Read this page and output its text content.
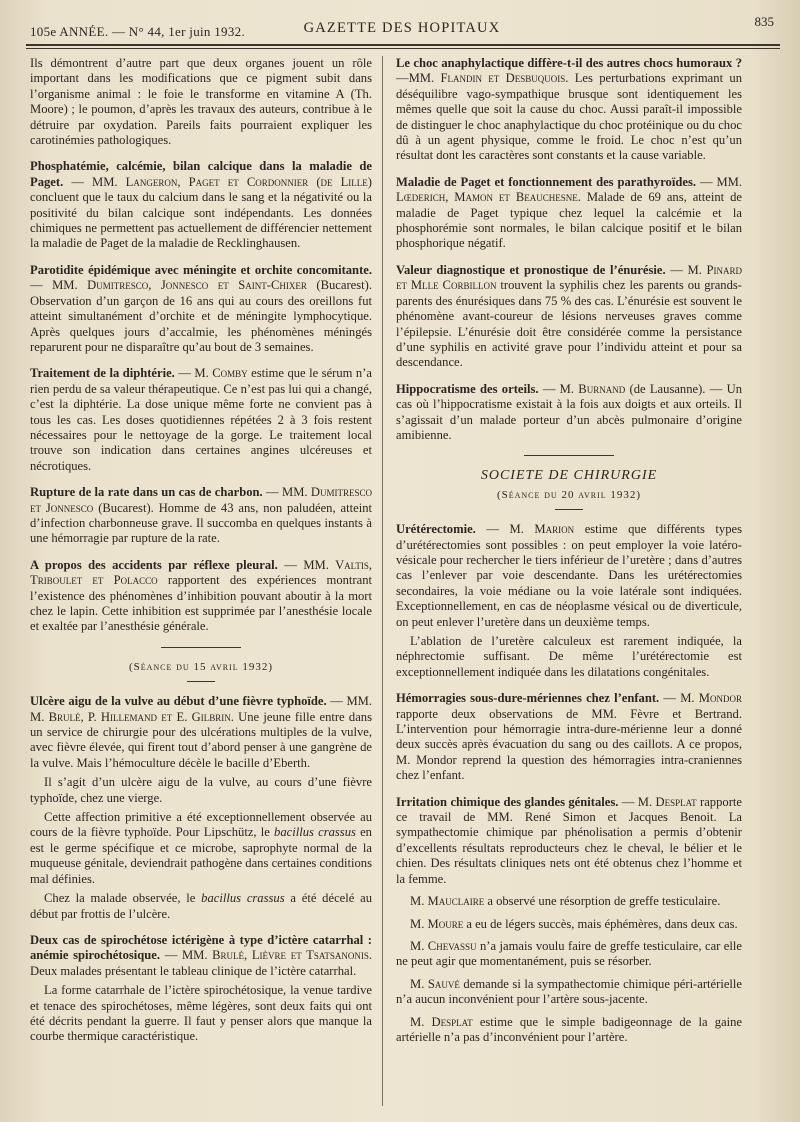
105e ANNÉE. — N° 44, 1er juin 1932.	GAZETTE DES HOPITAUX	835

Ils démontrent d’autre part que deux organes jouent un rôle important dans les modifications que ce pigment subit dans l’organisme animal : le foie le transforme en vitamine A (Th. Moore) ; le poumon, d’après les travaux des auteurs, contribue à le détruire par oxydation. Pareils faits pourraient expliquer les carotinémies pathologiques.

Phosphatémie, calcémie, bilan calcique dans la maladie de Paget. — MM. Langeron, Paget et Cordonnier (de Lille) concluent que le taux du calcium dans le sang et la négativité ou la positivité du bilan calcique sont indépendants. Les données chimiques ne permettent pas actuellement de différencier nettement la maladie de Paget de la maladie de Recklinghausen.

Parotidite épidémique avec méningite et orchite concomitante. — MM. Dumitresco, Jonnesco et Saint-Chixer (Bucarest). Observation d’un garçon de 16 ans qui au cours des oreillons fut atteint simultanément d’orchite et de méningite lymphocytique. Après quelques jours d’accalmie, les phénomènes méningés reparurent pour ne disparaître qu’au bout de 3 semaines.

Traitement de la diphtérie. — M. Comby estime que le sérum n’a rien perdu de sa valeur thérapeutique. Ce n’est pas lui qui a changé, c’est la diphtérie. La dose unique même forte ne convient pas à tous les cas. Les doses quotidiennes répétées 2 à 3 fois restent nécessaires pour le nettoyage de la gorge. Le traitement local trouve son indication dans certaines angines ulcéreuses et nécrotiques.

Rupture de la rate dans un cas de charbon. — MM. Dumitresco et Jonnesco (Bucarest). Homme de 43 ans, non paludéen, atteint d’infection charbonneuse grave. Il succomba en quelques instants à une hémorragie par rupture de la rate.

A propos des accidents par réflexe pleural. — MM. Valtis, Triboulet et Polacco rapportent des expériences montrant l’existence des phénomènes d’inhibition pouvant aboutir à la mort chez le lapin. Cette inhibition est supprimée par l’anesthésie locale et exaltée par l’anesthésie générale.

(Séance du 15 avril 1932)

Ulcère aigu de la vulve au début d’une fièvre typhoïde. — MM. M. Brulé, P. Hillemand et E. Gilbrin. Une jeune fille entre dans un service de chirurgie pour des ulcérations multiples de la vulve, avec fièvre élevée, qui firent tout d’abord penser à une gangrène de la vulve. Mais l’hémoculture décèle le bacille d’Eberth.

Il s’agit d’un ulcère aigu de la vulve, au cours d’une fièvre typhoïde, chez une vierge.

Cette affection primitive a été exceptionnellement observée au cours de la fièvre typhoïde. Pour Lipschütz, le bacillus crassus en est le germe spécifique et ce microbe, saprophyte normal de la muqueuse génitale, deviendrait pathogène dans certaines conditions mal définies.

Chez la malade observée, le bacillus crassus a été décelé au début par frottis de l’ulcère.

Deux cas de spirochétose ictérigène à type d’ictère catarrhal : anémie spirochétosique. — MM. Brulé, Lièvre et Tsatsanonis. Deux malades présentant le tableau clinique de l’ictère catarrhal.

La forme catarrhale de l’ictère spirochétosique, la venue tardive et tenace des spirochétoses, même légères, sont deux faits qui ont été décrits pendant la guerre. Il faut y penser alors que manque la courbe thermique caractéristique.

Le choc anaphylactique diffère-t-il des autres chocs humoraux ? —MM. Flandin et Desbuquois. Les perturbations exprimant un déséquilibre vago-sympathique brusque sont identiquement les mêmes quelle que soit la cause du choc. Aussi paraît-il impossible de distinguer le choc anaphylactique du choc protéinique ou du choc dû à un agent physique, comme le froid. Le choc n’est qu’un résultat dont les caractères sont constants et la cause variable.

Maladie de Paget et fonctionnement des parathyroïdes. — MM. Lœderich, Mamon et Beauchesne. Malade de 69 ans, atteint de maladie de Paget typique chez lequel la calcémie et la phosphorémie sont normales, le bilan calcique positif et le bilan phosphorique négatif.

Valeur diagnostique et pronostique de l’énurésie. — M. Pinard et Mlle Corbillon trouvent la syphilis chez les parents ou grands-parents des énurésiques dans 75 % des cas. L’énurésie est souvent le phénomène avant-coureur de lésions nerveuses graves comme l’épilepsie. L’énurésie doit être considérée comme la persistance d’une syphilis en activité grave pour l’individu atteint et pour sa descendance.

Hippocratisme des orteils. — M. Burnand (de Lausanne). — Un cas où l’hippocratisme existait à la fois aux doigts et aux orteils. Il s’agissait d’un malade porteur d’un abcès pulmonaire d’origine amibienne.

SOCIETE DE CHIRURGIE
(Séance du 20 avril 1932)

Urétérectomie. — M. Marion estime que différents types d’urétérectomies sont possibles : on peut employer la voie latéro-vésicale pour rechercher le tiers inférieur de l’uretère ; dans d’autres cas l’enlever par voie descendante. Dans les urétérectomies secondaires, la voie médiane ou la voie latérale sont indiquées. Exceptionnellement, en cas de néoplasme vésical ou de diverticule, on peut enlever l’uretère dans un deuxième temps.

L’ablation de l’uretère calculeux est rarement indiquée, la néphrectomie suffisant. De même l’urétérectomie est exceptionnellement indiquée dans les dilatations congénitales.

Hémorragies sous-dure-mériennes chez l’enfant. — M. Mondor rapporte deux observations de MM. Fèvre et Bertrand. L’intervention pour hémorragie intra-dure-mérienne leur a donné deux succès après évacuation du sang ou des caillots. A ce propos, M. Mondor reprend la question des hémorragies intra-craniennes chez l’enfant.

Irritation chimique des glandes génitales. — M. Desplat rapporte ce travail de MM. René Simon et Jacques Benoit. La sympathectomie chimique par phénolisation a permis d’obtenir d’excellents résultats reproducteurs chez le cheval, le bélier et le chien. Des résultats cliniques nets ont été obtenus chez l’homme et la femme.

M. Mauclaire a observé une résorption de greffe testiculaire.

M. Moure a eu de légers succès, mais éphémères, dans deux cas.

M. Chevassu n’a jamais voulu faire de greffe testiculaire, car elle ne peut agir que momentanément, puis se résorber.

M. Sauvé demande si la sympathectomie chimique péri-artérielle n’a aucun inconvénient pour l’artère sous-jacente.

M. Desplat estime que le simple badigeonnage de la gaine artérielle n’a pas d’inconvénient pour l’artère.
